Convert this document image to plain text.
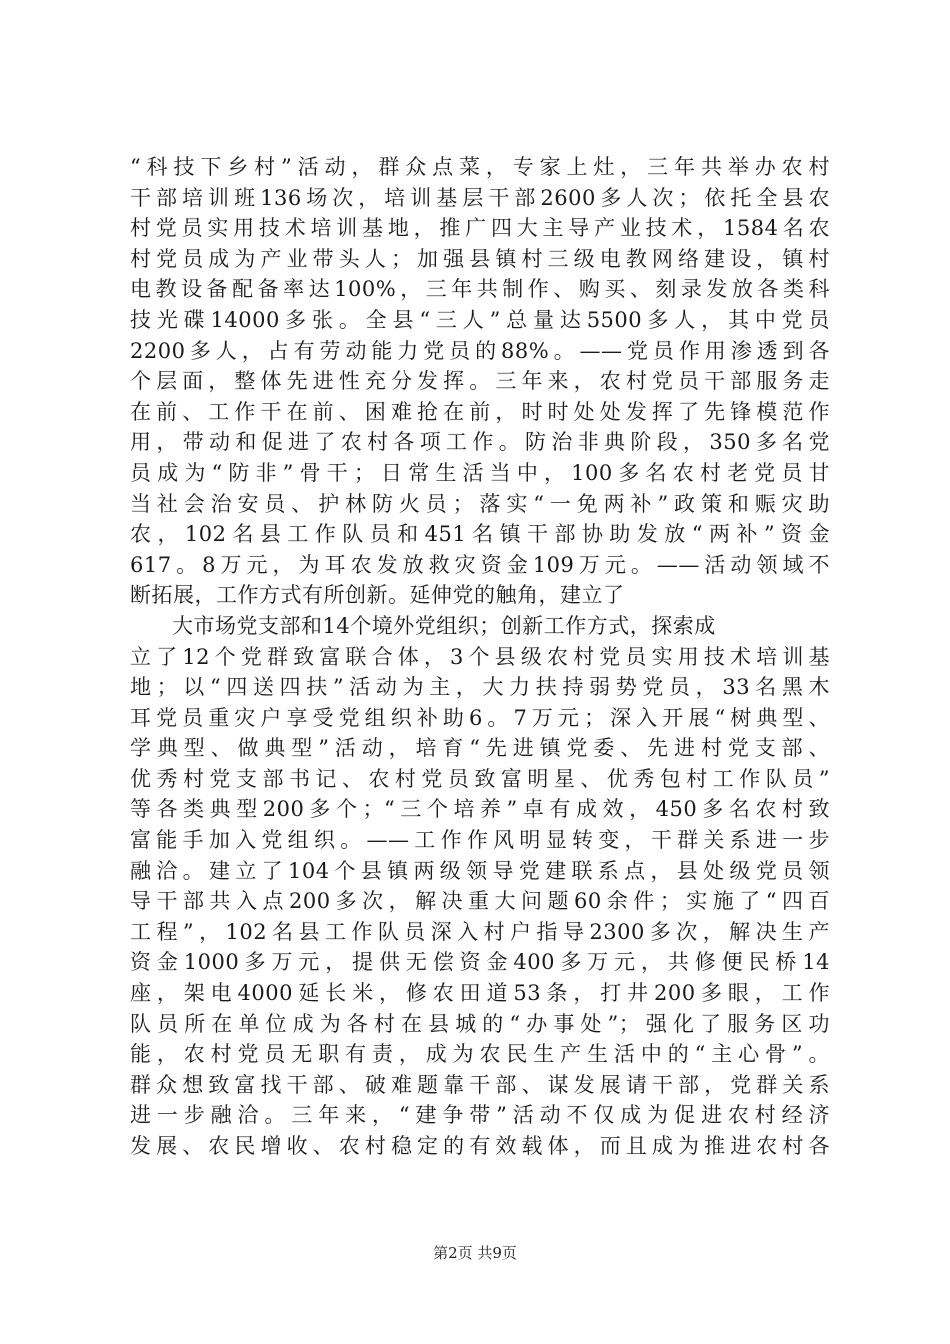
“科技下乡村”活动，群众点菜，专家上灶，三年共举办农村
干部培训班136场次，培训基层干部2600多人次；依托全县农
村党员实用技术培训基地，推广四大主导产业技术，1584名农
村党员成为产业带头人；加强县镇村三级电教网络建设，镇村
电教设备配备率达100%，三年共制作、购买、刻录发放各类科
技光碟14000多张。全县“三人”总量达5500多人，其中党员
2200多人，占有劳动能力党员的88%。——党员作用渗透到各
个层面，整体先进性充分发挥。三年来，农村党员干部服务走
在前、工作干在前、困难抢在前，时时处处发挥了先锋模范作
用，带动和促进了农村各项工作。防治非典阶段，350多名党
员成为“防非”骨干；日常生活当中，100多名农村老党员甘
当社会治安员、护林防火员；落实“一免两补”政策和赈灾助
农，102名县工作队员和451名镇干部协助发放“两补”资金
617。8万元，为耳农发放救灾资金109万元。——活动领域不
断拓展，工作方式有所创新。延伸党的触角，建立了
大市场党支部和14个境外党组织；创新工作方式，探索成
立了12个党群致富联合体，3个县级农村党员实用技术培训基
地；以“四送四扶”活动为主，大力扶持弱势党员，33名黑木
耳党员重灾户享受党组织补助6。7万元；深入开展“树典型、
学典型、做典型”活动，培育“先进镇党委、先进村党支部、
优秀村党支部书记、农村党员致富明星、优秀包村工作队员”
等各类典型200多个；“三个培养”卓有成效，450多名农村致
富能手加入党组织。——工作作风明显转变，干群关系进一步
融洽。建立了104个县镇两级领导党建联系点，县处级党员领
导干部共入点200多次，解决重大问题60余件；实施了“四百
工程”，102名县工作队员深入村户指导2300多次，解决生产
资金1000多万元，提供无偿资金400多万元，共修便民桥14
座，架电4000延长米，修农田道53条，打井200多眼，工作
队员所在单位成为各村在县城的“办事处”；强化了服务区功
能，农村党员无职有责，成为农民生产生活中的“主心骨”。
群众想致富找干部、破难题靠干部、谋发展请干部，党群关系
进一步融洽。三年来，“建争带”活动不仅成为促进农村经济
发展、农民增收、农村稳定的有效载体，而且成为推进农村各
第2页 共9页
